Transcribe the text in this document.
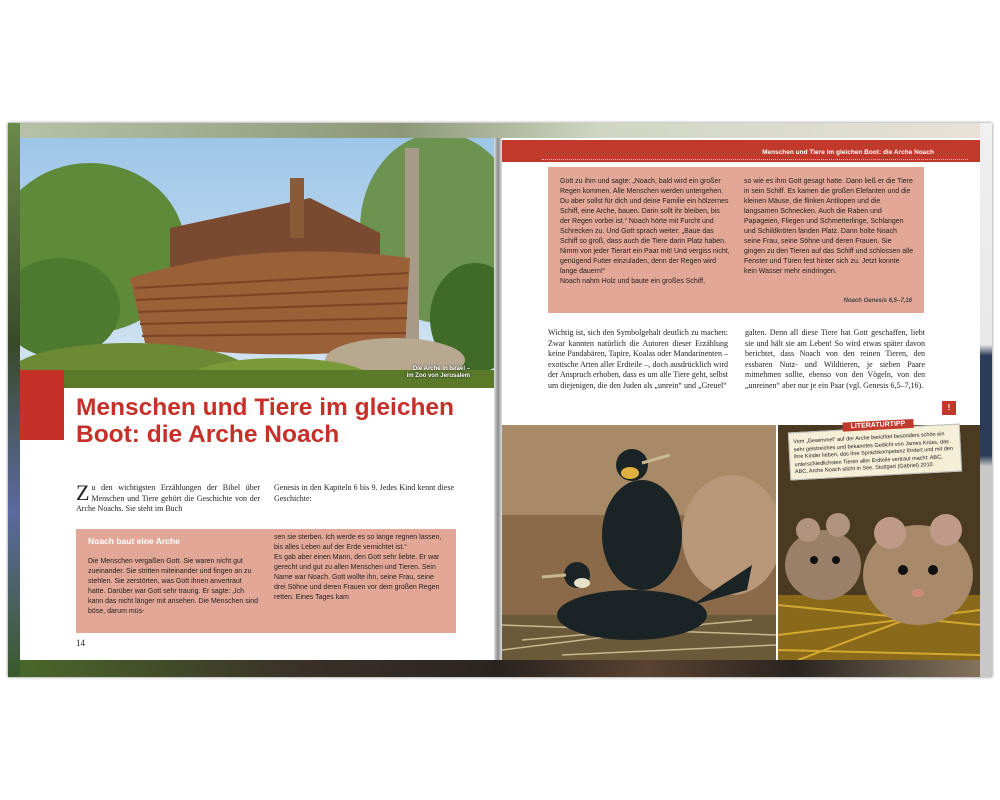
Die Arche in Israel –
im Zoo von Jerusalem
Menschen und Tiere im gleichen Boot: die Arche Noach
Zu den wichtigsten Erzählungen der Bibel über Menschen und Tiere gehört die Geschichte von der Arche Noachs. Sie steht im Buch
Genesis in den Kapiteln 6 bis 9. Jedes Kind kennt diese Geschichte:
Noach baut eine Arche
Die Menschen vergaßen Gott. Sie waren nicht gut zueinander. Sie stritten miteinander und fingen an zu stehlen. Sie zerstörten, was Gott ihnen anvertraut hatte. Darüber war Gott sehr traurig. Er sagte: „Ich kann das nicht länger mit ansehen. Die Menschen sind böse, darum müs-
sen sie sterben. Ich werde es so lange regnen lassen, bis alles Leben auf der Erde vernichtet ist.“
Es gab aber einen Mann, den Gott sehr liebte. Er war gerecht und gut zu allen Menschen und Tieren. Sein Name war Noach. Gott wollte ihn, seine Frau, seine drei Söhne und deren Frauen vor dem großen Regen retten. Eines Tages kam
14
Menschen und Tiere im gleichen Boot: die Arche Noach
Gott zu ihm und sagte: „Noach, bald wird ein großer Regen kommen. Alle Menschen werden untergehen. Du aber sollst für dich und deine Familie ein hölzernes Schiff, eine Arche, bauen. Darin sollt ihr bleiben, bis der Regen vorbei ist.“ Noach hörte mit Furcht und Schrecken zu. Und Gott sprach weiter: „Baue das Schiff so groß, dass auch die Tiere darin Platz haben. Nimm von jeder Tierart ein Paar mit! Und vergiss nicht, genügend Futter einzuladen, denn der Regen wird lange dauern!“
Noach nahm Holz und baute ein großes Schiff,
so wie es ihm Gott gesagt hatte. Dann ließ er die Tiere in sein Schiff. Es kamen die großen Elefanten und die kleinen Mäuse, die flinken Antilopen und die langsamen Schnecken. Auch die Raben und Papageien, Fliegen und Schmetterlinge, Schlangen und Schildkröten fanden Platz. Dann holte Noach seine Frau, seine Söhne und deren Frauen. Sie gingen zu den Tieren auf das Schiff und schlossen alle Fenster und Türen fest hinter sich zu. Jetzt konnte kein Wasser mehr eindringen.
Noach Genesis 6,5–7,16
Wichtig ist, sich den Symbolgehalt deutlich zu machen: Zwar kannten natürlich die Autoren dieser Erzählung keine Pandabären, Tapire, Koalas oder Mandarinenten – exotische Arten aller Erdteile –, doch ausdrücklich wird der Anspruch erhoben, dass es um alle Tiere geht, selbst um diejenigen, die den Juden als „unrein“ und „Greuel“
galten. Denn all diese Tiere hat Gott geschaffen, liebt sie und hält sie am Leben! So wird etwas später davon berichtet, dass Noach von den reinen Tieren, den essbaren Nutz- und Wildtieren, je sieben Paare mitnehmen sollte, ebenso von den Vögeln, von den „unreinen“ aber nur je ein Paar (vgl. Genesis 6,5–7,16).
LITERATURTIPP
Vom „Gewimmel“ auf der Arche berichtet besonders schön ein sehr geistreiches und bekanntes Gedicht von James Krüss, das ihre Kinder lieben, das ihre Sprachkompetenz fördert und mit den unterschiedlichsten Tieren aller Erdteile vertraut macht: ABC, ABC, Arche Noach sticht in See, Stuttgart (Gabriel) 2010.
!
